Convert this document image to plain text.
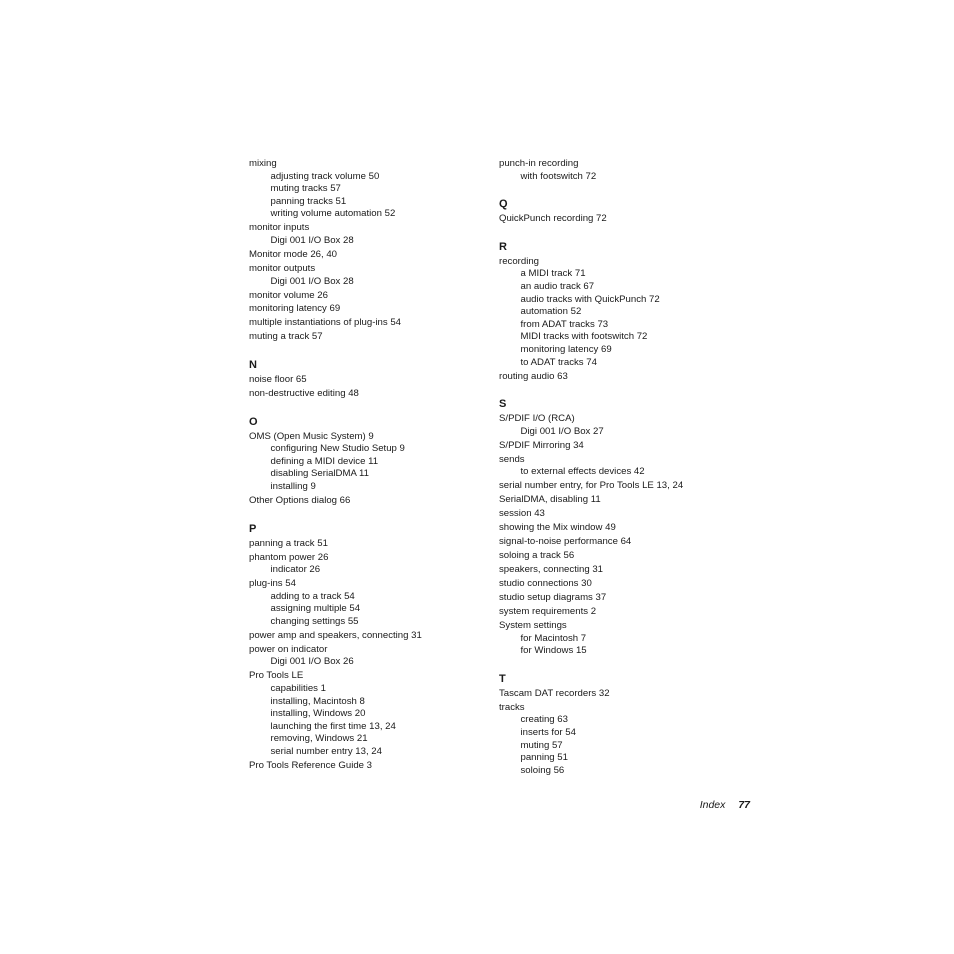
mixing
adjusting track volume 50
muting tracks 57
panning tracks 51
writing volume automation 52
monitor inputs
Digi 001 I/O Box 28
Monitor mode 26, 40
monitor outputs
Digi 001 I/O Box 28
monitor volume 26
monitoring latency 69
multiple instantiations of plug-ins 54
muting a track 57
N
noise floor 65
non-destructive editing 48
O
OMS (Open Music System) 9
configuring New Studio Setup 9
defining a MIDI device 11
disabling SerialDMA 11
installing 9
Other Options dialog 66
P
panning a track 51
phantom power 26
indicator 26
plug-ins 54
adding to a track 54
assigning multiple 54
changing settings 55
power amp and speakers, connecting 31
power on indicator
Digi 001 I/O Box 26
Pro Tools LE
capabilities 1
installing, Macintosh 8
installing, Windows 20
launching the first time 13, 24
removing, Windows 21
serial number entry 13, 24
Pro Tools Reference Guide 3
punch-in recording
with footswitch 72
Q
QuickPunch recording 72
R
recording
a MIDI track 71
an audio track 67
audio tracks with QuickPunch 72
automation 52
from ADAT tracks 73
MIDI tracks with footswitch 72
monitoring latency 69
to ADAT tracks 74
routing audio 63
S
S/PDIF I/O (RCA)
Digi 001 I/O Box 27
S/PDIF Mirroring 34
sends
to external effects devices 42
serial number entry, for Pro Tools LE 13, 24
SerialDMA, disabling 11
session 43
showing the Mix window 49
signal-to-noise performance 64
soloing a track 56
speakers, connecting 31
studio connections 30
studio setup diagrams 37
system requirements 2
System settings
for Macintosh 7
for Windows 15
T
Tascam DAT recorders 32
tracks
creating 63
inserts for 54
muting 57
panning 51
soloing 56
Index 77
